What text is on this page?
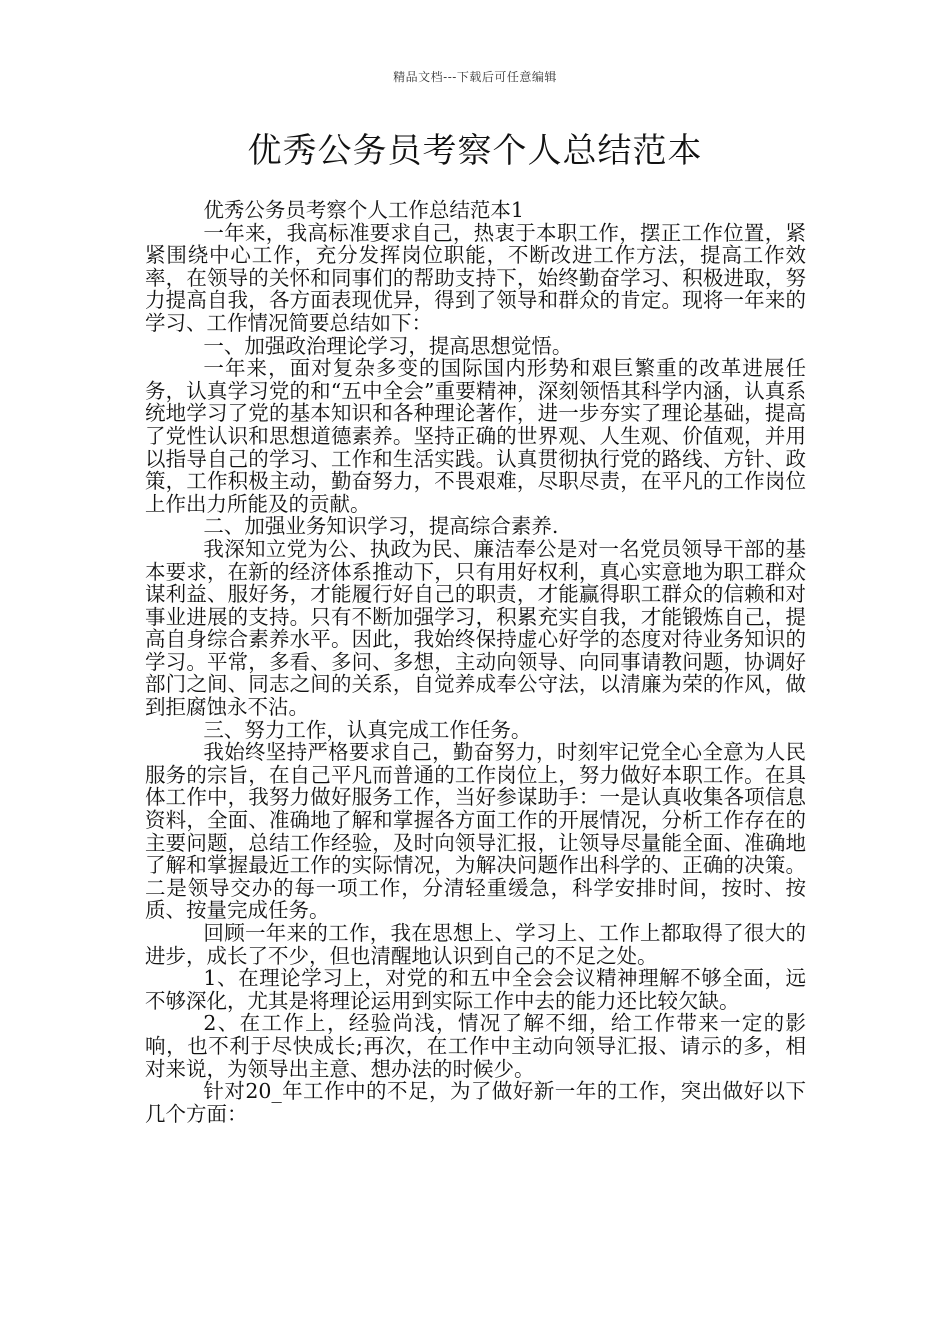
精品文档---下载后可任意编辑
优秀公务员考察个人总结范本

优秀公务员考察个人工作总结范本1

一年来，我高标准要求自己，热衷于本职工作，摆正工作位置，紧紧围绕中心工作，充分发挥岗位职能，不断改进工作方法，提高工作效率，在领导的关怀和同事们的帮助支持下，始终勤奋学习、积极进取，努力提高自我，各方面表现优异，得到了领导和群众的肯定。现将一年来的学习、工作情况简要总结如下：

一、加强政治理论学习，提高思想觉悟。

一年来，面对复杂多变的国际国内形势和艰巨繁重的改革进展任务，认真学习党的和“五中全会”重要精神，深刻领悟其科学内涵，认真系统地学习了党的基本知识和各种理论著作，进一步夯实了理论基础，提高了党性认识和思想道德素养。坚持正确的世界观、人生观、价值观，并用以指导自己的学习、工作和生活实践。认真贯彻执行党的路线、方针、政策，工作积极主动，勤奋努力，不畏艰难，尽职尽责，在平凡的工作岗位上作出力所能及的贡献。

二、加强业务知识学习，提高综合素养.

我深知立党为公、执政为民、廉洁奉公是对一名党员领导干部的基本要求，在新的经济体系推动下，只有用好权利，真心实意地为职工群众谋利益、服好务，才能履行好自己的职责，才能赢得职工群众的信赖和对事业进展的支持。只有不断加强学习，积累充实自我，才能锻炼自己，提高自身综合素养水平。因此，我始终保持虚心好学的态度对待业务知识的学习。平常，多看、多问、多想，主动向领导、向同事请教问题，协调好部门之间、同志之间的关系，自觉养成奉公守法，以清廉为荣的作风，做到拒腐蚀永不沾。

三、努力工作，认真完成工作任务。

我始终坚持严格要求自己，勤奋努力，时刻牢记党全心全意为人民服务的宗旨，在自己平凡而普通的工作岗位上，努力做好本职工作。在具体工作中，我努力做好服务工作，当好参谋助手：一是认真收集各项信息资料，全面、准确地了解和掌握各方面工作的开展情况，分析工作存在的主要问题，总结工作经验，及时向领导汇报，让领导尽量能全面、准确地了解和掌握最近工作的实际情况，为解决问题作出科学的、正确的决策。二是领导交办的每一项工作，分清轻重缓急，科学安排时间，按时、按质、按量完成任务。

回顾一年来的工作，我在思想上、学习上、工作上都取得了很大的进步，成长了不少，但也清醒地认识到自己的不足之处。

1、在理论学习上，对党的和五中全会会议精神理解不够全面，远不够深化，尤其是将理论运用到实际工作中去的能力还比较欠缺。

2、在工作上，经验尚浅，情况了解不细，给工作带来一定的影响，也不利于尽快成长;再次，在工作中主动向领导汇报、请示的多，相对来说，为领导出主意、想办法的时候少。

针对20_年工作中的不足，为了做好新一年的工作，突出做好以下几个方面：
